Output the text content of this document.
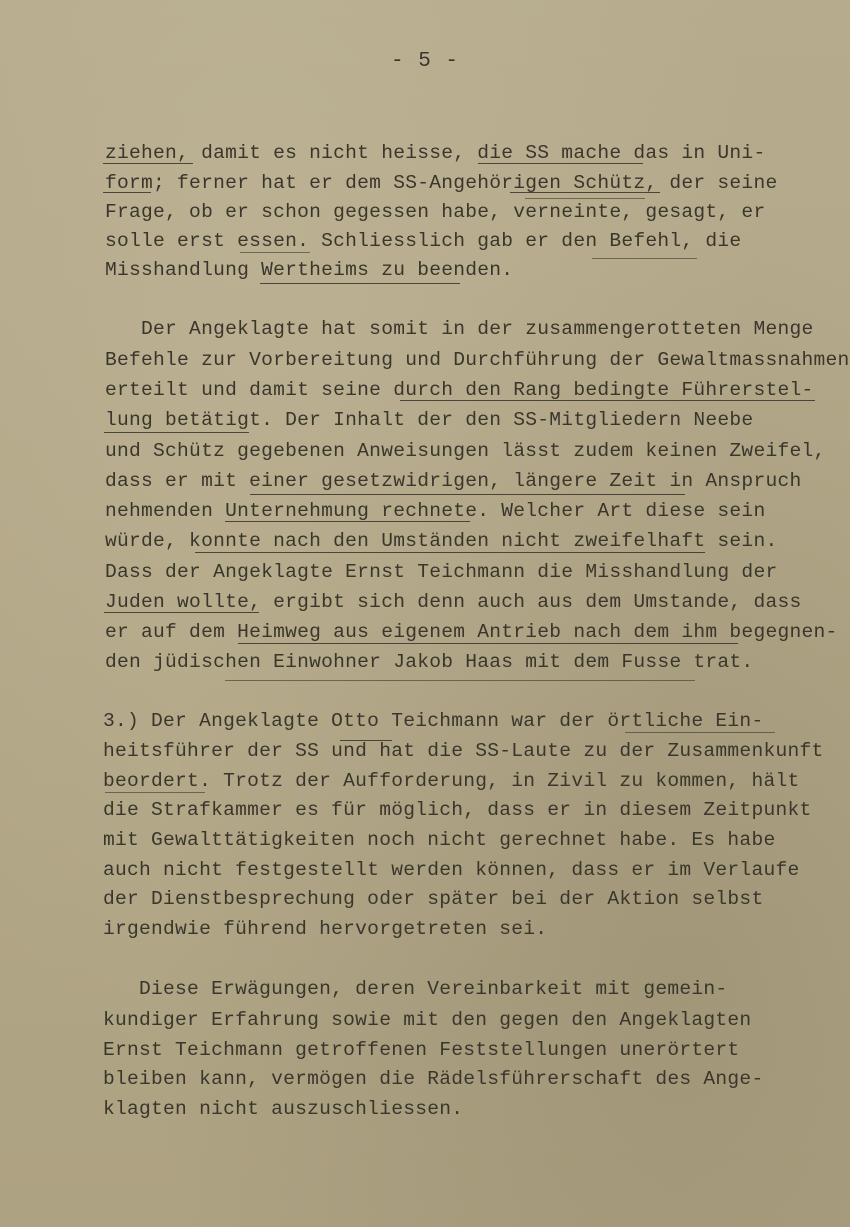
- 5 -
ziehen, damit es nicht heisse, die SS mache das in Uni-
form; ferner hat er dem SS-Angehörigen Schütz, der seine
Frage, ob er schon gegessen habe, verneinte, gesagt, er
solle erst essen. Schliesslich gab er den Befehl, die
Misshandlung Wertheims zu beenden.
Der Angeklagte hat somit in der zusammengerotteten Menge
Befehle zur Vorbereitung und Durchführung der Gewaltmassnahmen
erteilt und damit seine durch den Rang bedingte Führerstel-
lung betätigt. Der Inhalt der den SS-Mitgliedern Neebe
und Schütz gegebenen Anweisungen lässt zudem keinen Zweifel,
dass er mit einer gesetzwidrigen, längere Zeit in Anspruch
nehmenden Unternehmung rechnete. Welcher Art diese sein
würde, konnte nach den Umständen nicht zweifelhaft sein.
Dass der Angeklagte Ernst Teichmann die Misshandlung der
Juden wollte, ergibt sich denn auch aus dem Umstande, dass
er auf dem Heimweg aus eigenem Antrieb nach dem ihm begegnen-
den jüdischen Einwohner Jakob Haas mit dem Fusse trat.
3.) Der Angeklagte Otto Teichmann war der örtliche Ein-
heitsführer der SS und hat die SS-Laute zu der Zusammenkunft
beordert. Trotz der Aufforderung, in Zivil zu kommen, hält
die Strafkammer es für möglich, dass er in diesem Zeitpunkt
mit Gewalttätigkeiten noch nicht gerechnet habe. Es habe
auch nicht festgestellt werden können, dass er im Verlaufe
der Dienstbesprechung oder später bei der Aktion selbst
irgendwie führend hervorgetreten sei.
Diese Erwägungen, deren Vereinbarkeit mit gemein-
kundiger Erfahrung sowie mit den gegen den Angeklagten
Ernst Teichmann getroffenen Feststellungen unerörtert
bleiben kann, vermögen die Rädelsführerschaft des Ange-
klagten nicht auszuschliessen.
